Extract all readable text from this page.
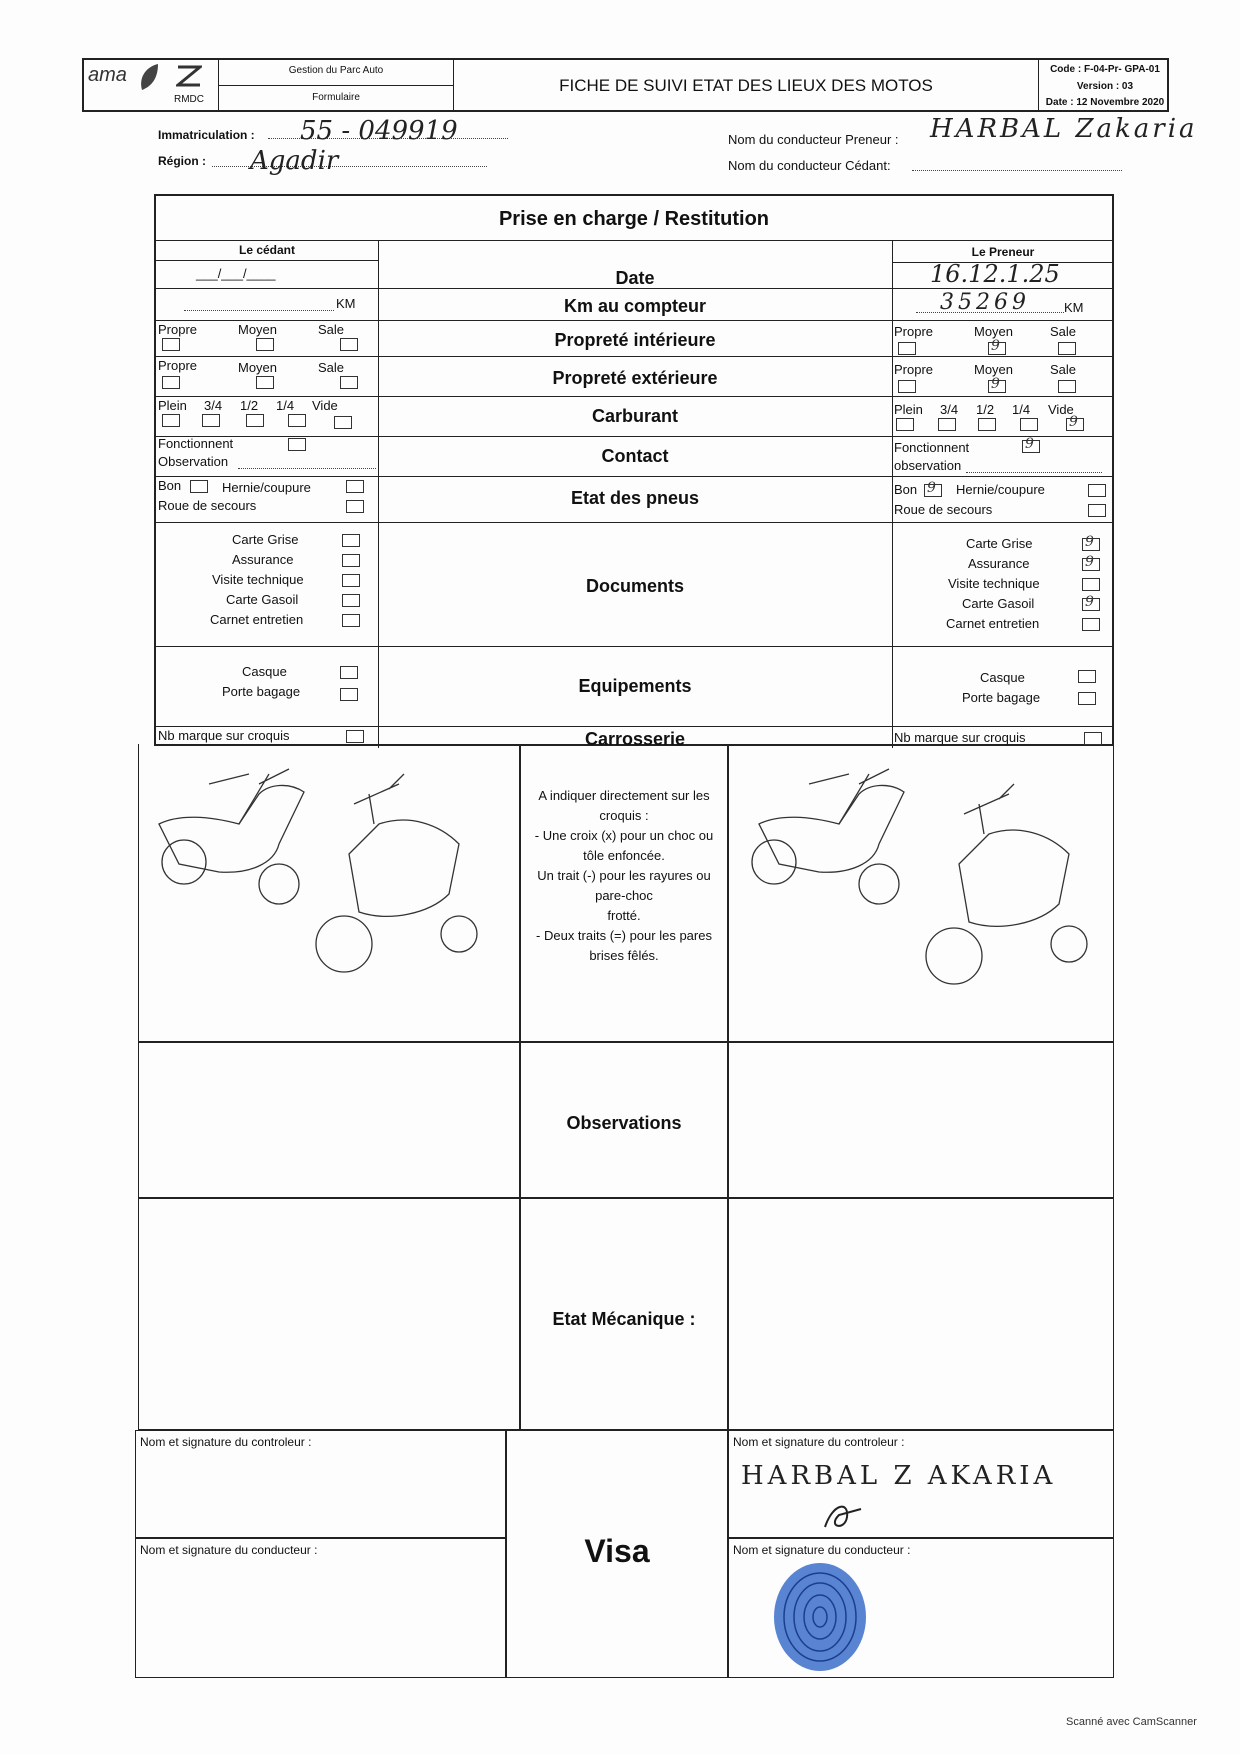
ama
RMDC
Gestion du Parc Auto
Formulaire
FICHE DE SUIVI ETAT DES LIEUX DES MOTOS
Code : F-04-Pr- GPA-01
Version : 03
Date : 12 Novembre 2020
Immatriculation : 55 - 049919
Région : Agadir
Nom du conducteur Preneur : HARBAL Zakaria
Nom du conducteur Cédant:
Prise en charge / Restitution
Le cédant	Le Preneur
Date
Km au compteur
Propreté intérieure
Propreté extérieure
Carburant
Contact
Etat des pneus
Documents
Equipements
Carrosserie
___/___/____
KM
Propre	Moyen	Sale
Propre	Moyen	Sale
Plein 3/4 1/2 1/4 Vide
Fonctionnent
Observation
Bon	Hernie/coupure
Roue de secours
Carte Grise
Assurance
Visite technique
Carte Gasoil
Carnet entretien
Casque
Porte bagage
Nb marque sur croquis
16.12.1.25
35269	KM
Propre	Moyen	Sale
9
Propre	Moyen	Sale
9
Plein 3/4 1/2 1/4 Vide
9
Fonctionnent
9
observation
Bon
9	Hernie/coupure
Roue de secours
Carte Grise
Assurance
Visite technique
Carte Gasoil
Carnet entretien
9
9
9
Casque
Porte bagage
Nb marque sur croquis
A indiquer directement sur les
croquis :
- Une croix (x) pour un choc ou
tôle enfoncée.
Un trait (-) pour les rayures ou
pare-choc
frotté.
- Deux traits (=) pour les pares
brises fêlés.
Observations
Etat Mécanique :
Nom et signature du controleur :
Nom et signature du conducteur :	Visa
Nom et signature du controleur :
HARBAL Z AKARIA
Nom et signature du conducteur :
Scanné avec CamScanner
